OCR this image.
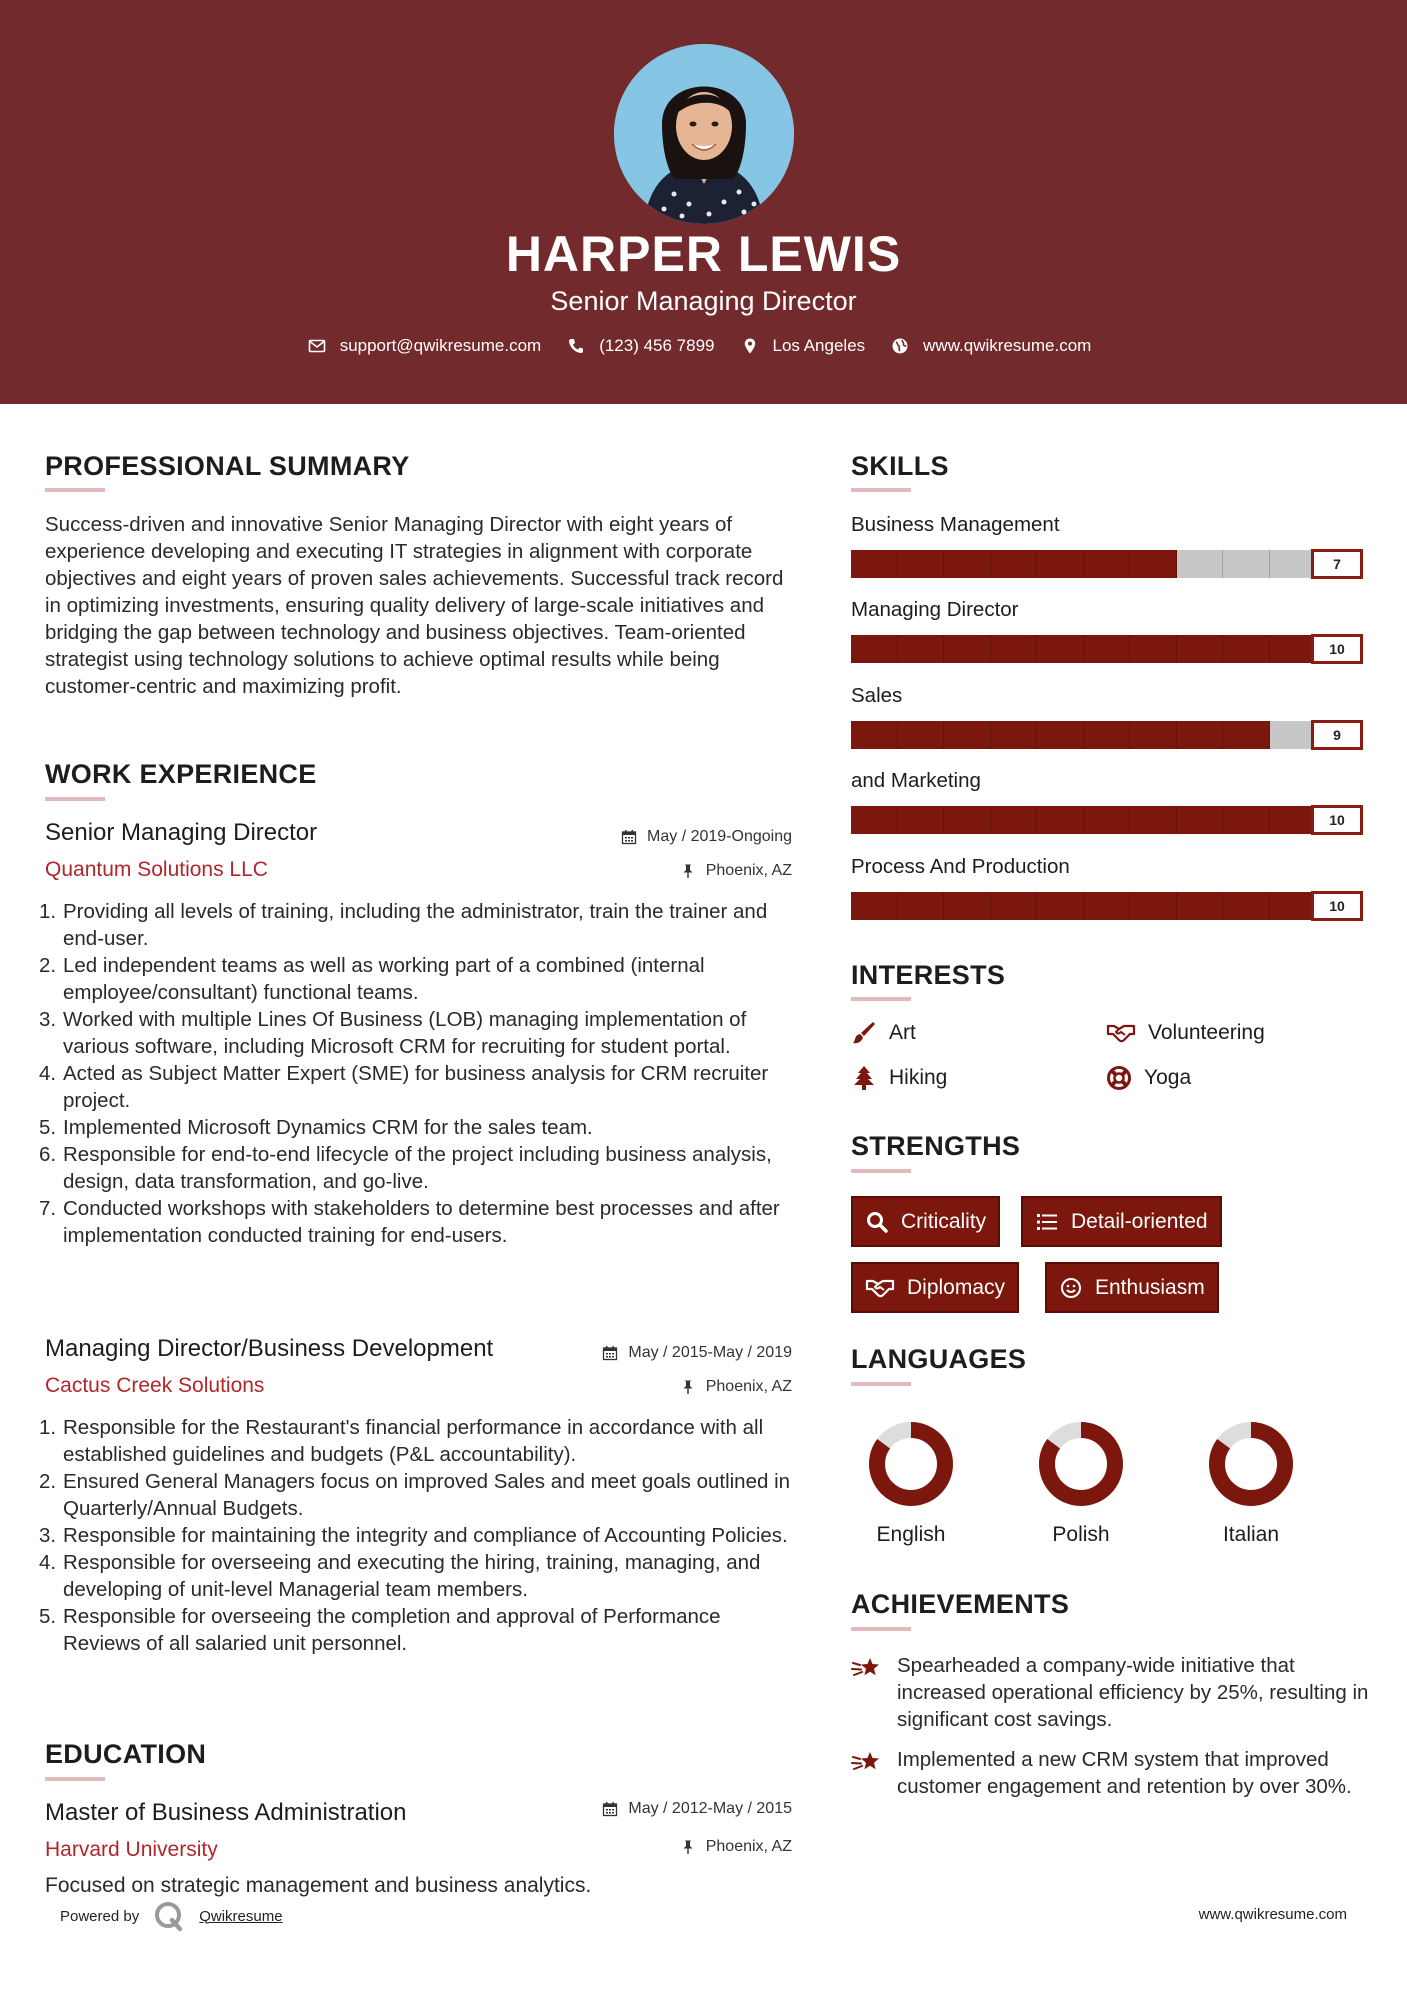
HARPER LEWIS
Senior Managing Director
support@qwikresume.com	(123) 456 7899	Los Angeles	www.qwikresume.com
PROFESSIONAL SUMMARY

Success-driven and innovative Senior Managing Director with eight years of experience developing and executing IT strategies in alignment with corporate objectives and eight years of proven sales achievements. Successful track record in optimizing investments, ensuring quality delivery of large-scale initiatives and bridging the gap between technology and business objectives. Team-oriented strategist using technology solutions to achieve optimal results while being customer-centric and maximizing profit.

WORK EXPERIENCE
Senior Managing Director	May / 2019-Ongoing
Quantum Solutions LLC	Phoenix, AZ
1. Providing all levels of training, including the administrator, train the trainer and end-user.
2. Led independent teams as well as working part of a combined (internal employee/consultant) functional teams.
3. Worked with multiple Lines Of Business (LOB) managing implementation of various software, including Microsoft CRM for recruiting for student portal.
4. Acted as Subject Matter Expert (SME) for business analysis for CRM recruiter project.
5. Implemented Microsoft Dynamics CRM for the sales team.
6. Responsible for end-to-end lifecycle of the project including business analysis, design, data transformation, and go-live.
7. Conducted workshops with stakeholders to determine best processes and after implementation conducted training for end-users.
Managing Director/Business Development	May / 2015-May / 2019
Cactus Creek Solutions	Phoenix, AZ
1. Responsible for the Restaurant's financial performance in accordance with all established guidelines and budgets (P&L accountability).
2. Ensured General Managers focus on improved Sales and meet goals outlined in Quarterly/Annual Budgets.
3. Responsible for maintaining the integrity and compliance of Accounting Policies.
4. Responsible for overseeing and executing the hiring, training, managing, and developing of unit-level Managerial team members.
5. Responsible for overseeing the completion and approval of Performance Reviews of all salaried unit personnel.
EDUCATION
Master of Business Administration	May / 2012-May / 2015
Harvard University	Phoenix, AZ

Focused on strategic management and business analytics.

SKILLS
Business Management
7
Managing Director
10
Sales
9
and Marketing
10
Process And Production
10
INTERESTS
Art	Volunteering
Hiking	Yoga
STRENGTHS
Criticality	Detail-oriented
Diplomacy	Enthusiasm
LANGUAGES
English	Polish	Italian
ACHIEVEMENTS
Spearheaded a company-wide initiative that increased operational efficiency by 25%, resulting in significant cost savings.
Implemented a new CRM system that improved customer engagement and retention by over 30%.
Powered by	Qwikresume	www.qwikresume.com
